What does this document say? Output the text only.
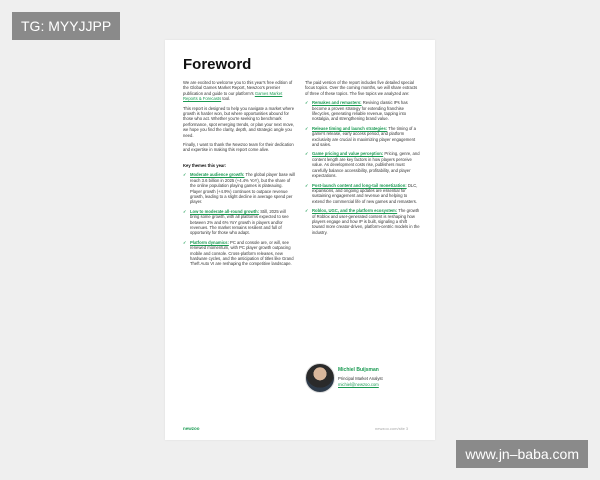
TG: MYYJJPP
Foreword

We are excited to welcome you to this year's free edition of the Global Games Market Report, Newzoo's premier publication and guide to our platform's Games Market Reports & Forecasts tool.

This report is designed to help you navigate a market where growth is harder won, but where opportunities abound for those who act. Whether you're seeking to benchmark performance, spot emerging trends, or plan your next move, we hope you find the clarity, depth, and strategic angle you need.

Finally, I want to thank the Newzoo team for their dedication and expertise in making this report come alive.

Key themes this year:
✓ Moderate audience growth: The global player base will reach 3.6 billion in 2025 (+4.4% YoY), but the share of the online population playing games is plateauing. Player growth (+4.9%) continues to outpace revenue growth, leading to a slight decline in average spend per player.
✓ Low to moderate all-round growth: Still, 2025 will bring some growth, with all platforms expected to see between 2% and 6% YoY growth in players and/or revenues. The market remains resilient and full of opportunity for those who adapt.
✓ Platform dynamics: PC and console are, or will, see renewed momentum, with PC player growth outpacing mobile and console. Cross-platform releases, new hardware cycles, and the anticipation of titles like Grand Theft Auto VI are reshaping the competitive landscape.

The paid version of the report includes five detailed special focus topics. Over the coming months, we will share extracts of three of these topics. The five topics we analyzed are:

✓ Remakes and remasters: Reviving classic IPs has become a proven strategy for extending franchise lifecycles, generating reliable revenue, tapping into nostalgia, and strengthening brand value.
✓ Release timing and launch strategies: The timing of a game's release, early access period, and platform exclusivity are crucial in maximizing player engagement and sales.
✓ Game pricing and value perception: Pricing, genre, and content length are key factors in how players perceive value. As development costs rise, publishers must carefully balance accessibility, profitability, and player expectations.
✓ Post-launch content and long-tail monetization: DLC, expansions, and ongoing updates are essential for sustaining engagement and revenue and helping to extend the commercial life of new games and remasters.
✓ Roblox, UGC, and the platform ecosystem: The growth of Roblox and user-generated content is reshaping how players engage and how IP is built, signaling a shift toward more creator-driven, platform-centric models in the industry.
Michiel Buijsman
Principal Market Analyst
michiel@newzoo.com
newzoo	newzoo.com/site 3
www.jn–baba.com
